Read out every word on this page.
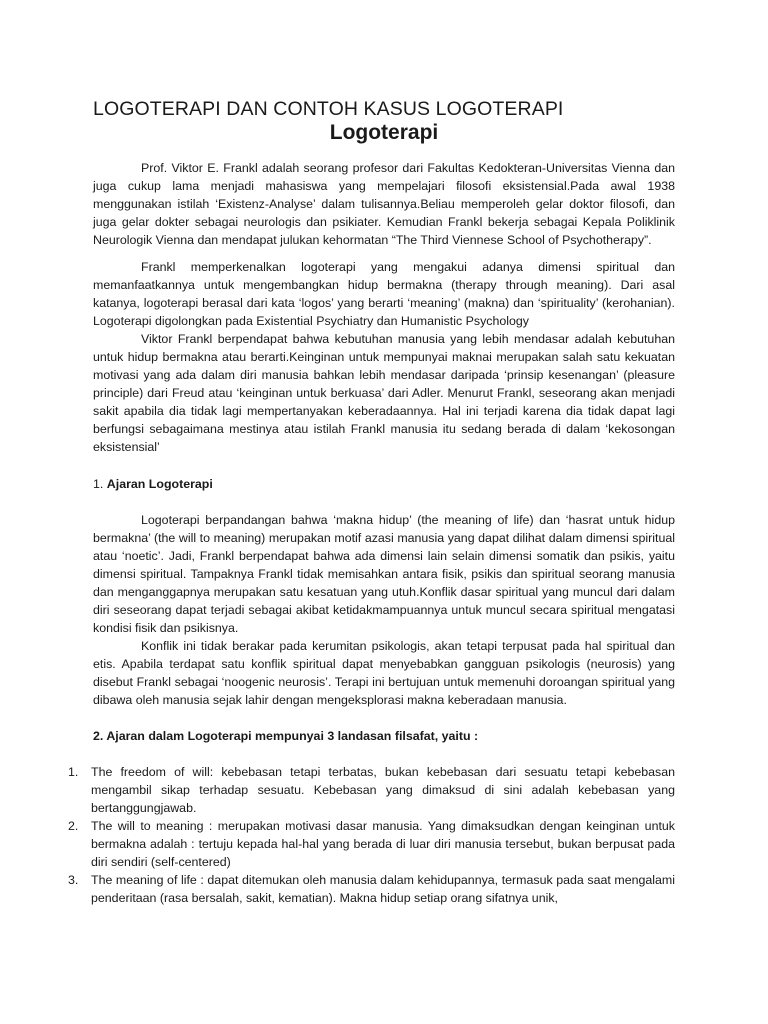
LOGOTERAPI DAN CONTOH KASUS LOGOTERAPI
Logoterapi

Prof. Viktor E. Frankl adalah seorang profesor dari Fakultas Kedokteran-Universitas Vienna dan juga cukup lama menjadi mahasiswa yang mempelajari filosofi eksistensial.Pada awal 1938 menggunakan istilah ‘Existenz-Analyse’ dalam tulisannya.Beliau memperoleh gelar doktor filosofi, dan juga gelar dokter sebagai neurologis dan psikiater. Kemudian Frankl bekerja sebagai Kepala Poliklinik Neurologik Vienna dan mendapat julukan kehormatan “The Third Viennese School of Psychotherapy”.

Frankl memperkenalkan logoterapi yang mengakui adanya dimensi spiritual dan memanfaatkannya untuk mengembangkan hidup bermakna (therapy through meaning). Dari asal katanya, logoterapi berasal dari kata ‘logos’ yang berarti ‘meaning’ (makna) dan ‘spirituality’ (kerohanian). Logoterapi digolongkan pada Existential Psychiatry dan Humanistic Psychology

Viktor Frankl berpendapat bahwa kebutuhan manusia yang lebih mendasar adalah kebutuhan untuk hidup bermakna atau berarti.Keinginan untuk mempunyai maknai merupakan salah satu kekuatan motivasi yang ada dalam diri manusia bahkan lebih mendasar daripada ‘prinsip kesenangan’ (pleasure principle) dari Freud atau ‘keinginan untuk berkuasa’ dari Adler. Menurut Frankl, seseorang akan menjadi sakit apabila dia tidak lagi mempertanyakan keberadaannya. Hal ini terjadi karena dia tidak dapat lagi berfungsi sebagaimana mestinya atau istilah Frankl manusia itu sedang berada di dalam ‘kekosongan eksistensial’

1. Ajaran Logoterapi

Logoterapi berpandangan bahwa ‘makna hidup’ (the meaning of life) dan ‘hasrat untuk hidup bermakna’ (the will to meaning) merupakan motif azasi manusia yang dapat dilihat dalam dimensi spiritual atau ‘noetic’. Jadi, Frankl berpendapat bahwa ada dimensi lain selain dimensi somatik dan psikis, yaitu dimensi spiritual. Tampaknya Frankl tidak memisahkan antara fisik, psikis dan spiritual seorang manusia dan menganggapnya merupakan satu kesatuan yang utuh.Konflik dasar spiritual yang muncul dari dalam diri seseorang dapat terjadi sebagai akibat ketidakmampuannya untuk muncul secara spiritual mengatasi kondisi fisik dan psikisnya.

Konflik ini tidak berakar pada kerumitan psikologis, akan tetapi terpusat pada hal spiritual dan etis. Apabila terdapat satu konflik spiritual dapat menyebabkan gangguan psikologis (neurosis) yang disebut Frankl sebagai ‘noogenic neurosis’. Terapi ini bertujuan untuk memenuhi doroangan spiritual yang dibawa oleh manusia sejak lahir dengan mengeksplorasi makna keberadaan manusia.

2. Ajaran dalam Logoterapi mempunyai 3 landasan filsafat, yaitu :
1. The freedom of will: kebebasan tetapi terbatas, bukan kebebasan dari sesuatu tetapi kebebasan mengambil sikap terhadap sesuatu. Kebebasan yang dimaksud di sini adalah kebebasan yang bertanggungjawab.
2. The will to meaning : merupakan motivasi dasar manusia. Yang dimaksudkan dengan keinginan untuk bermakna adalah : tertuju kepada hal-hal yang berada di luar diri manusia tersebut, bukan berpusat pada diri sendiri (self-centered)
3. The meaning of life : dapat ditemukan oleh manusia dalam kehidupannya, termasuk pada saat mengalami penderitaan (rasa bersalah, sakit, kematian). Makna hidup setiap orang sifatnya unik,
